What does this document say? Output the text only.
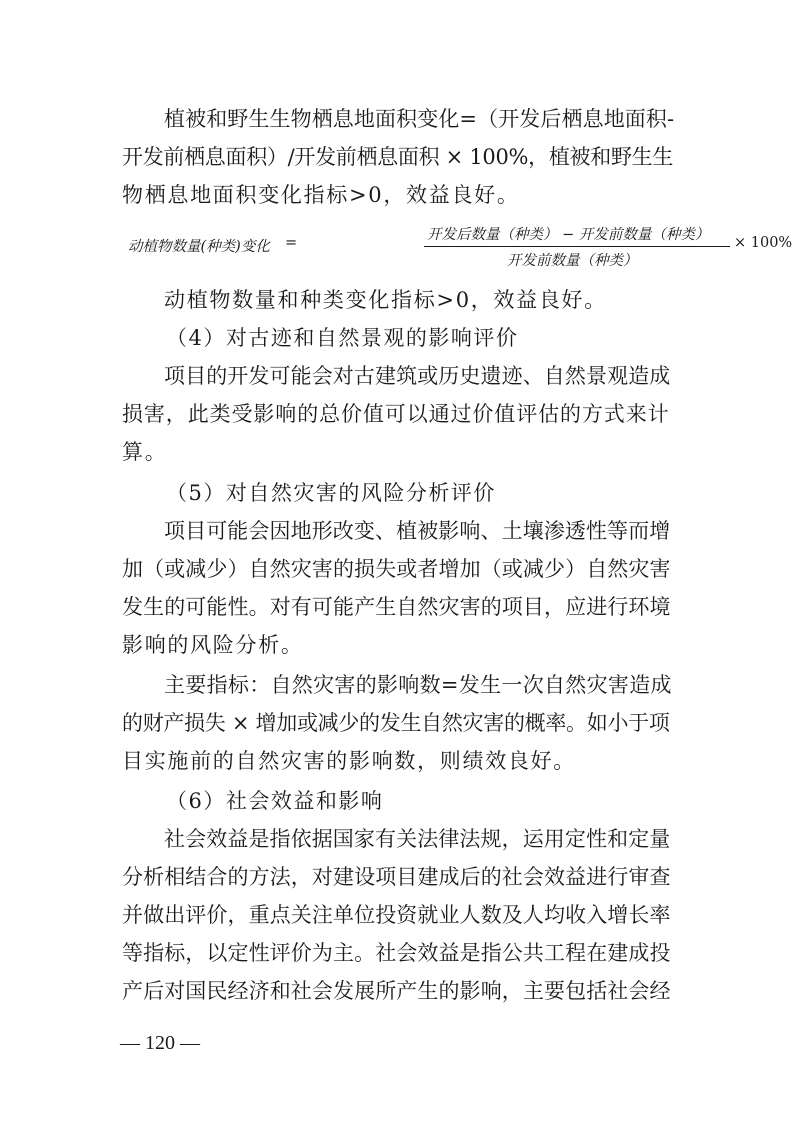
植被和野生生物栖息地面积变化=（开发后栖息地面积-
开发前栖息面积）/开发前栖息面积 × 100%，植被和野生生
物栖息地面积变化指标>0，效益良好。
动植物数量(种类)变化 =	开发后数量（种类） − 开发前数量（种类）
开发前数量（种类）
× 100%
动植物数量和种类变化指标>0，效益良好。
（4）对古迹和自然景观的影响评价
项目的开发可能会对古建筑或历史遗迹、自然景观造成
损害，此类受影响的总价值可以通过价值评估的方式来计
算。
（5）对自然灾害的风险分析评价
项目可能会因地形改变、植被影响、土壤渗透性等而增
加（或减少）自然灾害的损失或者增加（或减少）自然灾害
发生的可能性。对有可能产生自然灾害的项目，应进行环境
影响的风险分析。
主要指标：自然灾害的影响数=发生一次自然灾害造成
的财产损失 × 增加或减少的发生自然灾害的概率。如小于项
目实施前的自然灾害的影响数，则绩效良好。
（6）社会效益和影响
社会效益是指依据国家有关法律法规，运用定性和定量
分析相结合的方法，对建设项目建成后的社会效益进行审查
并做出评价，重点关注单位投资就业人数及人均收入增长率
等指标，以定性评价为主。社会效益是指公共工程在建成投
产后对国民经济和社会发展所产生的影响，主要包括社会经
— 120 —
